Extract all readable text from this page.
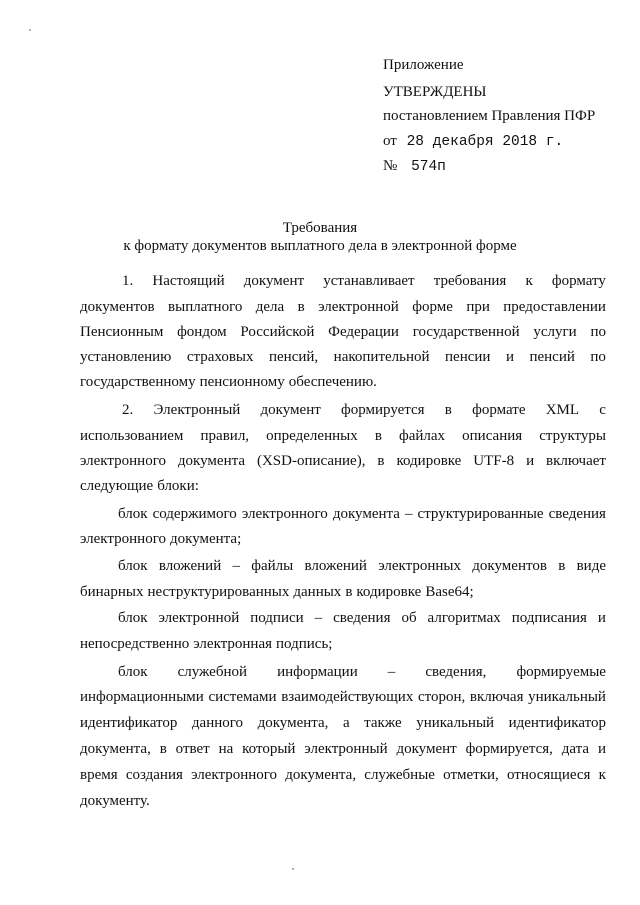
Приложение
УТВЕРЖДЕНЫ
постановлением Правления ПФР
от 28 декабря 2018 г.
№ 574п
Требования
к формату документов выплатного дела в электронной форме
1. Настоящий документ устанавливает требования к формату
документов выплатного дела в электронной форме при предоставлении
Пенсионным фондом Российской Федерации государственной услуги по
установлению страховых пенсий, накопительной пенсии и пенсий по
государственному пенсионному обеспечению.
2. Электронный документ формируется в формате XML с
использованием правил, определенных в файлах описания структуры
электронного документа (XSD-описание), в кодировке UTF-8 и включает
следующие блоки:
блок содержимого электронного документа – структурированные сведения
электронного документа;
блок вложений – файлы вложений электронных документов в виде
бинарных неструктурированных данных в кодировке Base64;
блок электронной подписи – сведения об алгоритмах подписания и
непосредственно электронная подпись;
блок служебной информации – сведения, формируемые
информационными системами взаимодействующих сторон, включая уникальный
идентификатор данного документа, а также уникальный идентификатор
документа, в ответ на который электронный документ формируется, дата и
время создания электронного документа, служебные отметки, относящиеся к
документу.
